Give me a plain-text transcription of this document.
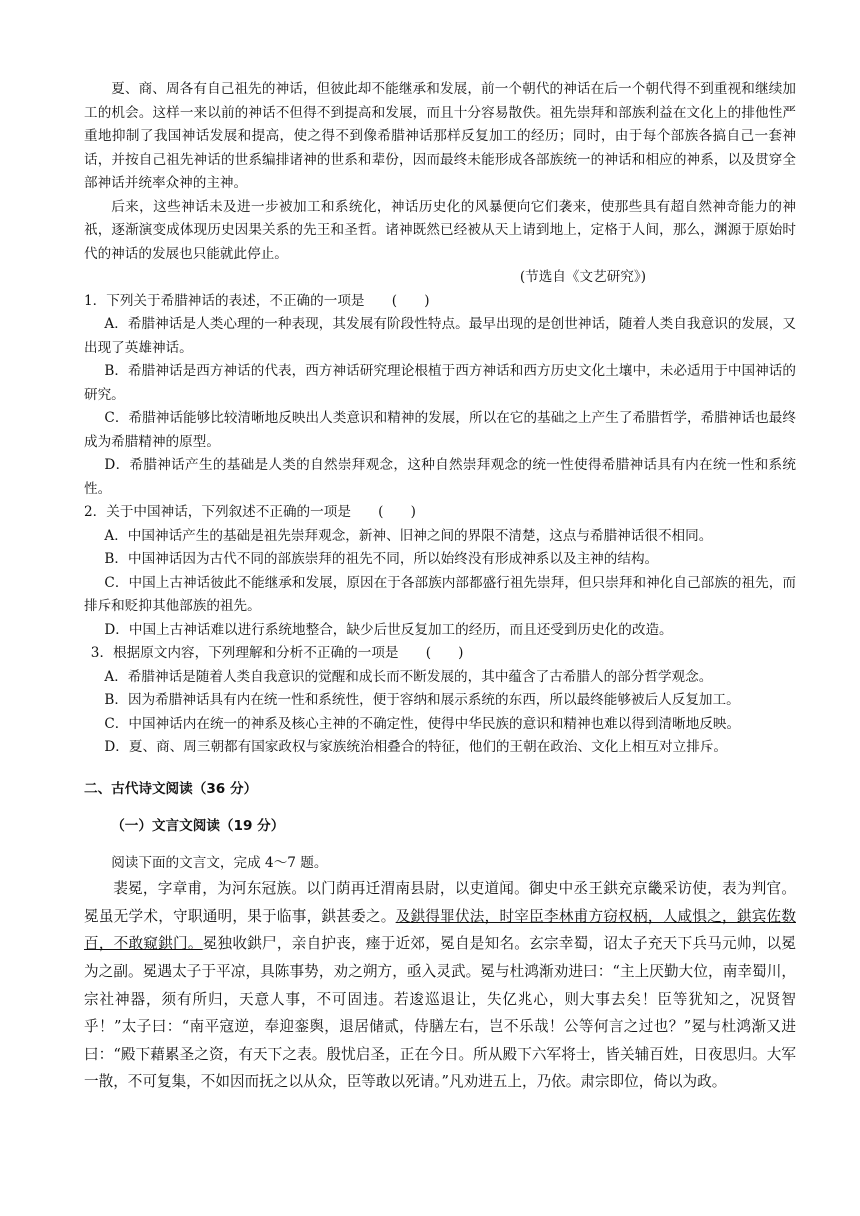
夏、商、周各有自己祖先的神话，但彼此却不能继承和发展，前一个朝代的神话在后一个朝代得不到重视和继续加工的机会。这样一来以前的神话不但得不到提高和发展，而且十分容易散佚。祖先崇拜和部族利益在文化上的排他性严重地抑制了我国神话发展和提高，使之得不到像希腊神话那样反复加工的经历；同时，由于每个部族各搞自己一套神话，并按自己祖先神话的世系编排诸神的世系和辈份，因而最终未能形成各部族统一的神话和相应的神系，以及贯穿全部神话并统率众神的主神。

后来，这些神话未及进一步被加工和系统化，神话历史化的风暴便向它们袭来，使那些具有超自然神奇能力的神祇，逐渐演变成体现历史因果关系的先王和圣哲。诸神既然已经被从天上请到地上，定格于人间，那么，渊源于原始时代的神话的发展也只能就此停止。

(节选自《文艺研究》)

1．下列关于希腊神话的表述，不正确的一项是　　(　　)

A．希腊神话是人类心理的一种表现，其发展有阶段性特点。最早出现的是创世神话，随着人类自我意识的发展，又出现了英雄神话。

B．希腊神话是西方神话的代表，西方神话研究理论根植于西方神话和西方历史文化土壤中，未必适用于中国神话的研究。

C．希腊神话能够比较清晰地反映出人类意识和精神的发展，所以在它的基础之上产生了希腊哲学，希腊神话也最终成为希腊精神的原型。

D．希腊神话产生的基础是人类的自然崇拜观念，这种自然崇拜观念的统一性使得希腊神话具有内在统一性和系统性。

2．关于中国神话，下列叙述不正确的一项是　　(　　)

A．中国神话产生的基础是祖先崇拜观念，新神、旧神之间的界限不清楚，这点与希腊神话很不相同。

B．中国神话因为古代不同的部族崇拜的祖先不同，所以始终没有形成神系以及主神的结构。

C．中国上古神话彼此不能继承和发展，原因在于各部族内部都盛行祖先崇拜，但只崇拜和神化自己部族的祖先，而排斥和贬抑其他部族的祖先。

D．中国上古神话难以进行系统地整合，缺少后世反复加工的经历，而且还受到历史化的改造。

3．根据原文内容，下列理解和分析不正确的一项是　　(　　)

A．希腊神话是随着人类自我意识的觉醒和成长而不断发展的，其中蕴含了古希腊人的部分哲学观念。

B．因为希腊神话具有内在统一性和系统性，便于容纳和展示系统的东西，所以最终能够被后人反复加工。

C．中国神话内在统一的神系及核心主神的不确定性，使得中华民族的意识和精神也难以得到清晰地反映。

D．夏、商、周三朝都有国家政权与家族统治相叠合的特征，他们的王朝在政治、文化上相互对立排斥。

二、古代诗文阅读（36 分）

（一）文言文阅读（19 分）

阅读下面的文言文，完成 4～7 题。

裴冕，字章甫，为河东冠族。以门荫再迁渭南县尉，以吏道闻。御史中丞王鉷充京畿采访使，表为判官。冕虽无学术，守职通明，果于临事，鉷甚委之。及鉷得罪伏法，时宰臣李林甫方窃权柄，人咸惧之，鉷宾佐数百，不敢窥鉷门。冕独收鉷尸，亲自护丧，瘗于近郊，冕自是知名。玄宗幸蜀，诏太子充天下兵马元帅，以冕为之副。冕遇太子于平凉，具陈事势，劝之朔方，亟入灵武。冕与杜鸿渐劝进曰：“主上厌勤大位，南幸蜀川，宗社神器，须有所归，天意人事，不可固违。若逡巡退让，失亿兆心，则大事去矣！臣等犹知之，况贤智乎！”太子曰：“南平寇逆，奉迎銮舆，退居储贰，侍膳左右，岂不乐哉！公等何言之过也？”冕与杜鸿渐又进曰：“殿下藉累圣之资，有天下之表。殷忧启圣，正在今日。所从殿下六军将士，皆关辅百姓，日夜思归。大军一散，不可复集，不如因而抚之以从众，臣等敢以死请。”凡劝进五上，乃依。肃宗即位，倚以为政。
